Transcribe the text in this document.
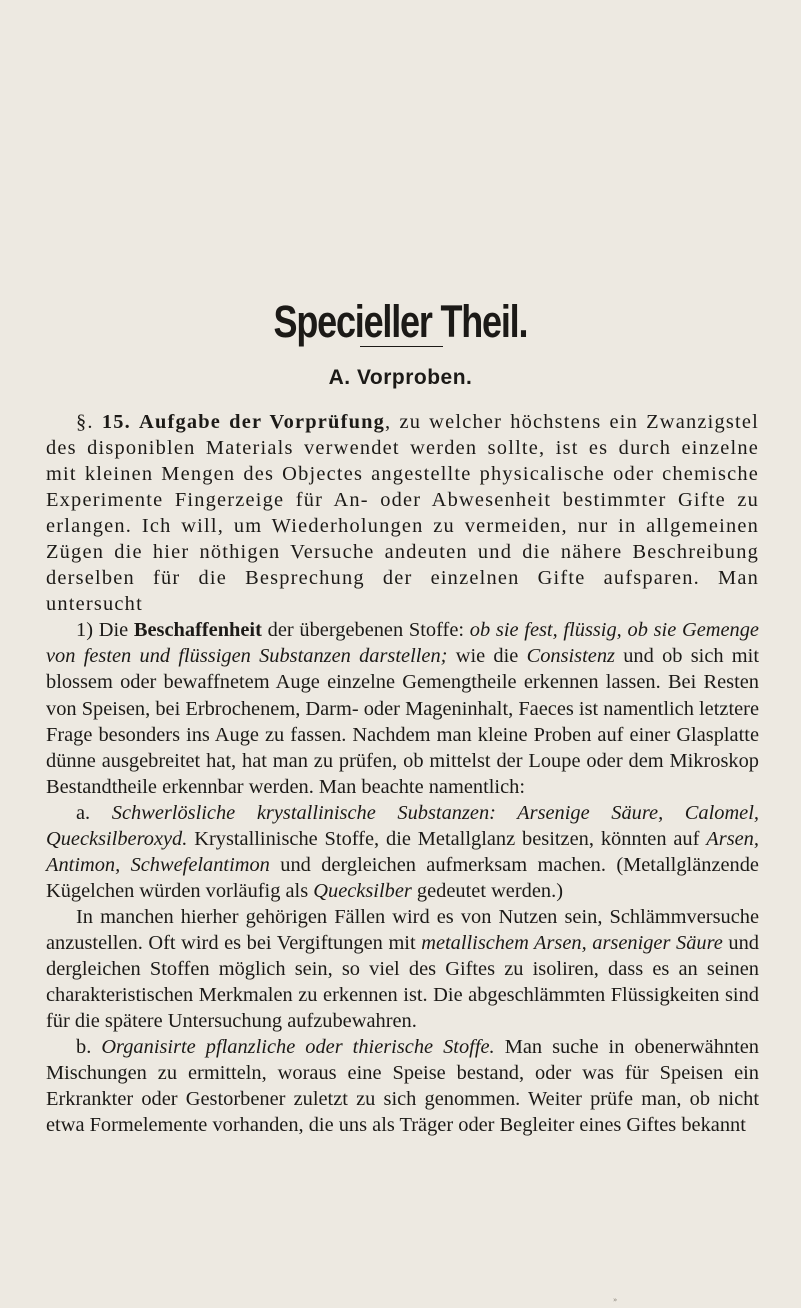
Specieller Theil.
A. Vorproben.

§. 15. Aufgabe der Vorprüfung, zu welcher höchstens ein Zwanzigstel des disponiblen Materials verwendet werden sollte, ist es durch einzelne mit kleinen Mengen des Objectes angestellte physicalische oder chemische Experimente Fingerzeige für An- oder Abwesenheit bestimmter Gifte zu erlangen. Ich will, um Wiederholungen zu vermeiden, nur in allgemeinen Zügen die hier nöthigen Versuche andeuten und die nähere Beschreibung derselben für die Besprechung der einzelnen Gifte aufsparen. Man untersucht

1) Die Beschaffenheit der übergebenen Stoffe: ob sie fest, flüssig, ob sie Gemenge von festen und flüssigen Substanzen darstellen; wie die Consistenz und ob sich mit blossem oder bewaffnetem Auge einzelne Gemengtheile erkennen lassen. Bei Resten von Speisen, bei Erbrochenem, Darm- oder Mageninhalt, Faeces ist namentlich letztere Frage besonders ins Auge zu fassen. Nachdem man kleine Proben auf einer Glasplatte dünne ausgebreitet hat, hat man zu prüfen, ob mittelst der Loupe oder dem Mikroskop Bestandtheile erkennbar werden. Man beachte namentlich:

a. Schwerlösliche krystallinische Substanzen: Arsenige Säure, Calomel, Quecksilberoxyd. Krystallinische Stoffe, die Metallglanz besitzen, könnten auf Arsen, Antimon, Schwefelantimon und dergleichen aufmerksam machen. (Metallglänzende Kügelchen würden vorläufig als Quecksilber gedeutet werden.)

In manchen hierher gehörigen Fällen wird es von Nutzen sein, Schlämmversuche anzustellen. Oft wird es bei Vergiftungen mit metallischem Arsen, arseniger Säure und dergleichen Stoffen möglich sein, so viel des Giftes zu isoliren, dass es an seinen charakteristischen Merkmalen zu erkennen ist. Die abgeschlämmten Flüssigkeiten sind für die spätere Untersuchung aufzubewahren.

b. Organisirte pflanzliche oder thierische Stoffe. Man suche in obenerwähnten Mischungen zu ermitteln, woraus eine Speise bestand, oder was für Speisen ein Erkrankter oder Gestorbener zuletzt zu sich genommen. Weiter prüfe man, ob nicht etwa Formelemente vorhanden, die uns als Träger oder Begleiter eines Giftes bekannt

»
